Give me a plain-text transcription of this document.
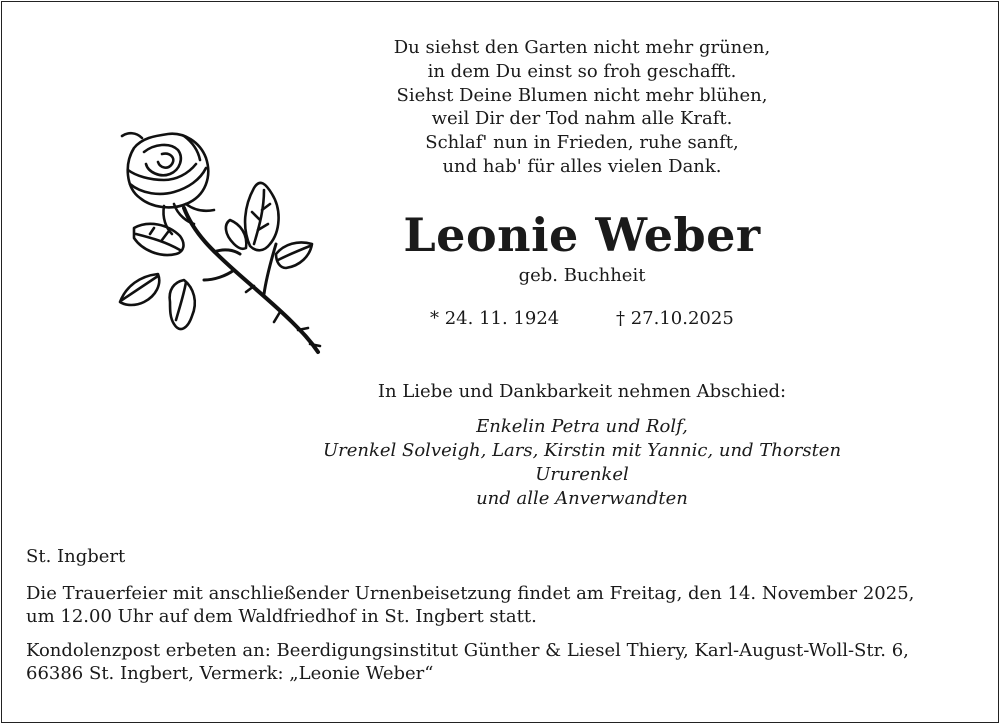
Du siehst den Garten nicht mehr grünen,
in dem Du einst so froh geschafft.
Siehst Deine Blumen nicht mehr blühen,
weil Dir der Tod nahm alle Kraft.
Schlaf' nun in Frieden, ruhe sanft,
und hab' für alles vielen Dank.
Leonie Weber
geb. Buchheit
* 24. 11. 1924	† 27.10.2025
In Liebe und Dankbarkeit nehmen Abschied:
Enkelin Petra und Rolf,
Urenkel Solveigh, Lars, Kirstin mit Yannic, und Thorsten
Ururenkel
und alle Anverwandten
St. Ingbert
Die Trauerfeier mit anschließender Urnenbeisetzung findet am Freitag, den 14. November 2025,
um 12.00 Uhr auf dem Waldfriedhof in St. Ingbert statt.
Kondolenzpost erbeten an: Beerdigungsinstitut Günther & Liesel Thiery, Karl-August-Woll-Str. 6,
66386 St. Ingbert, Vermerk: „Leonie Weber“
